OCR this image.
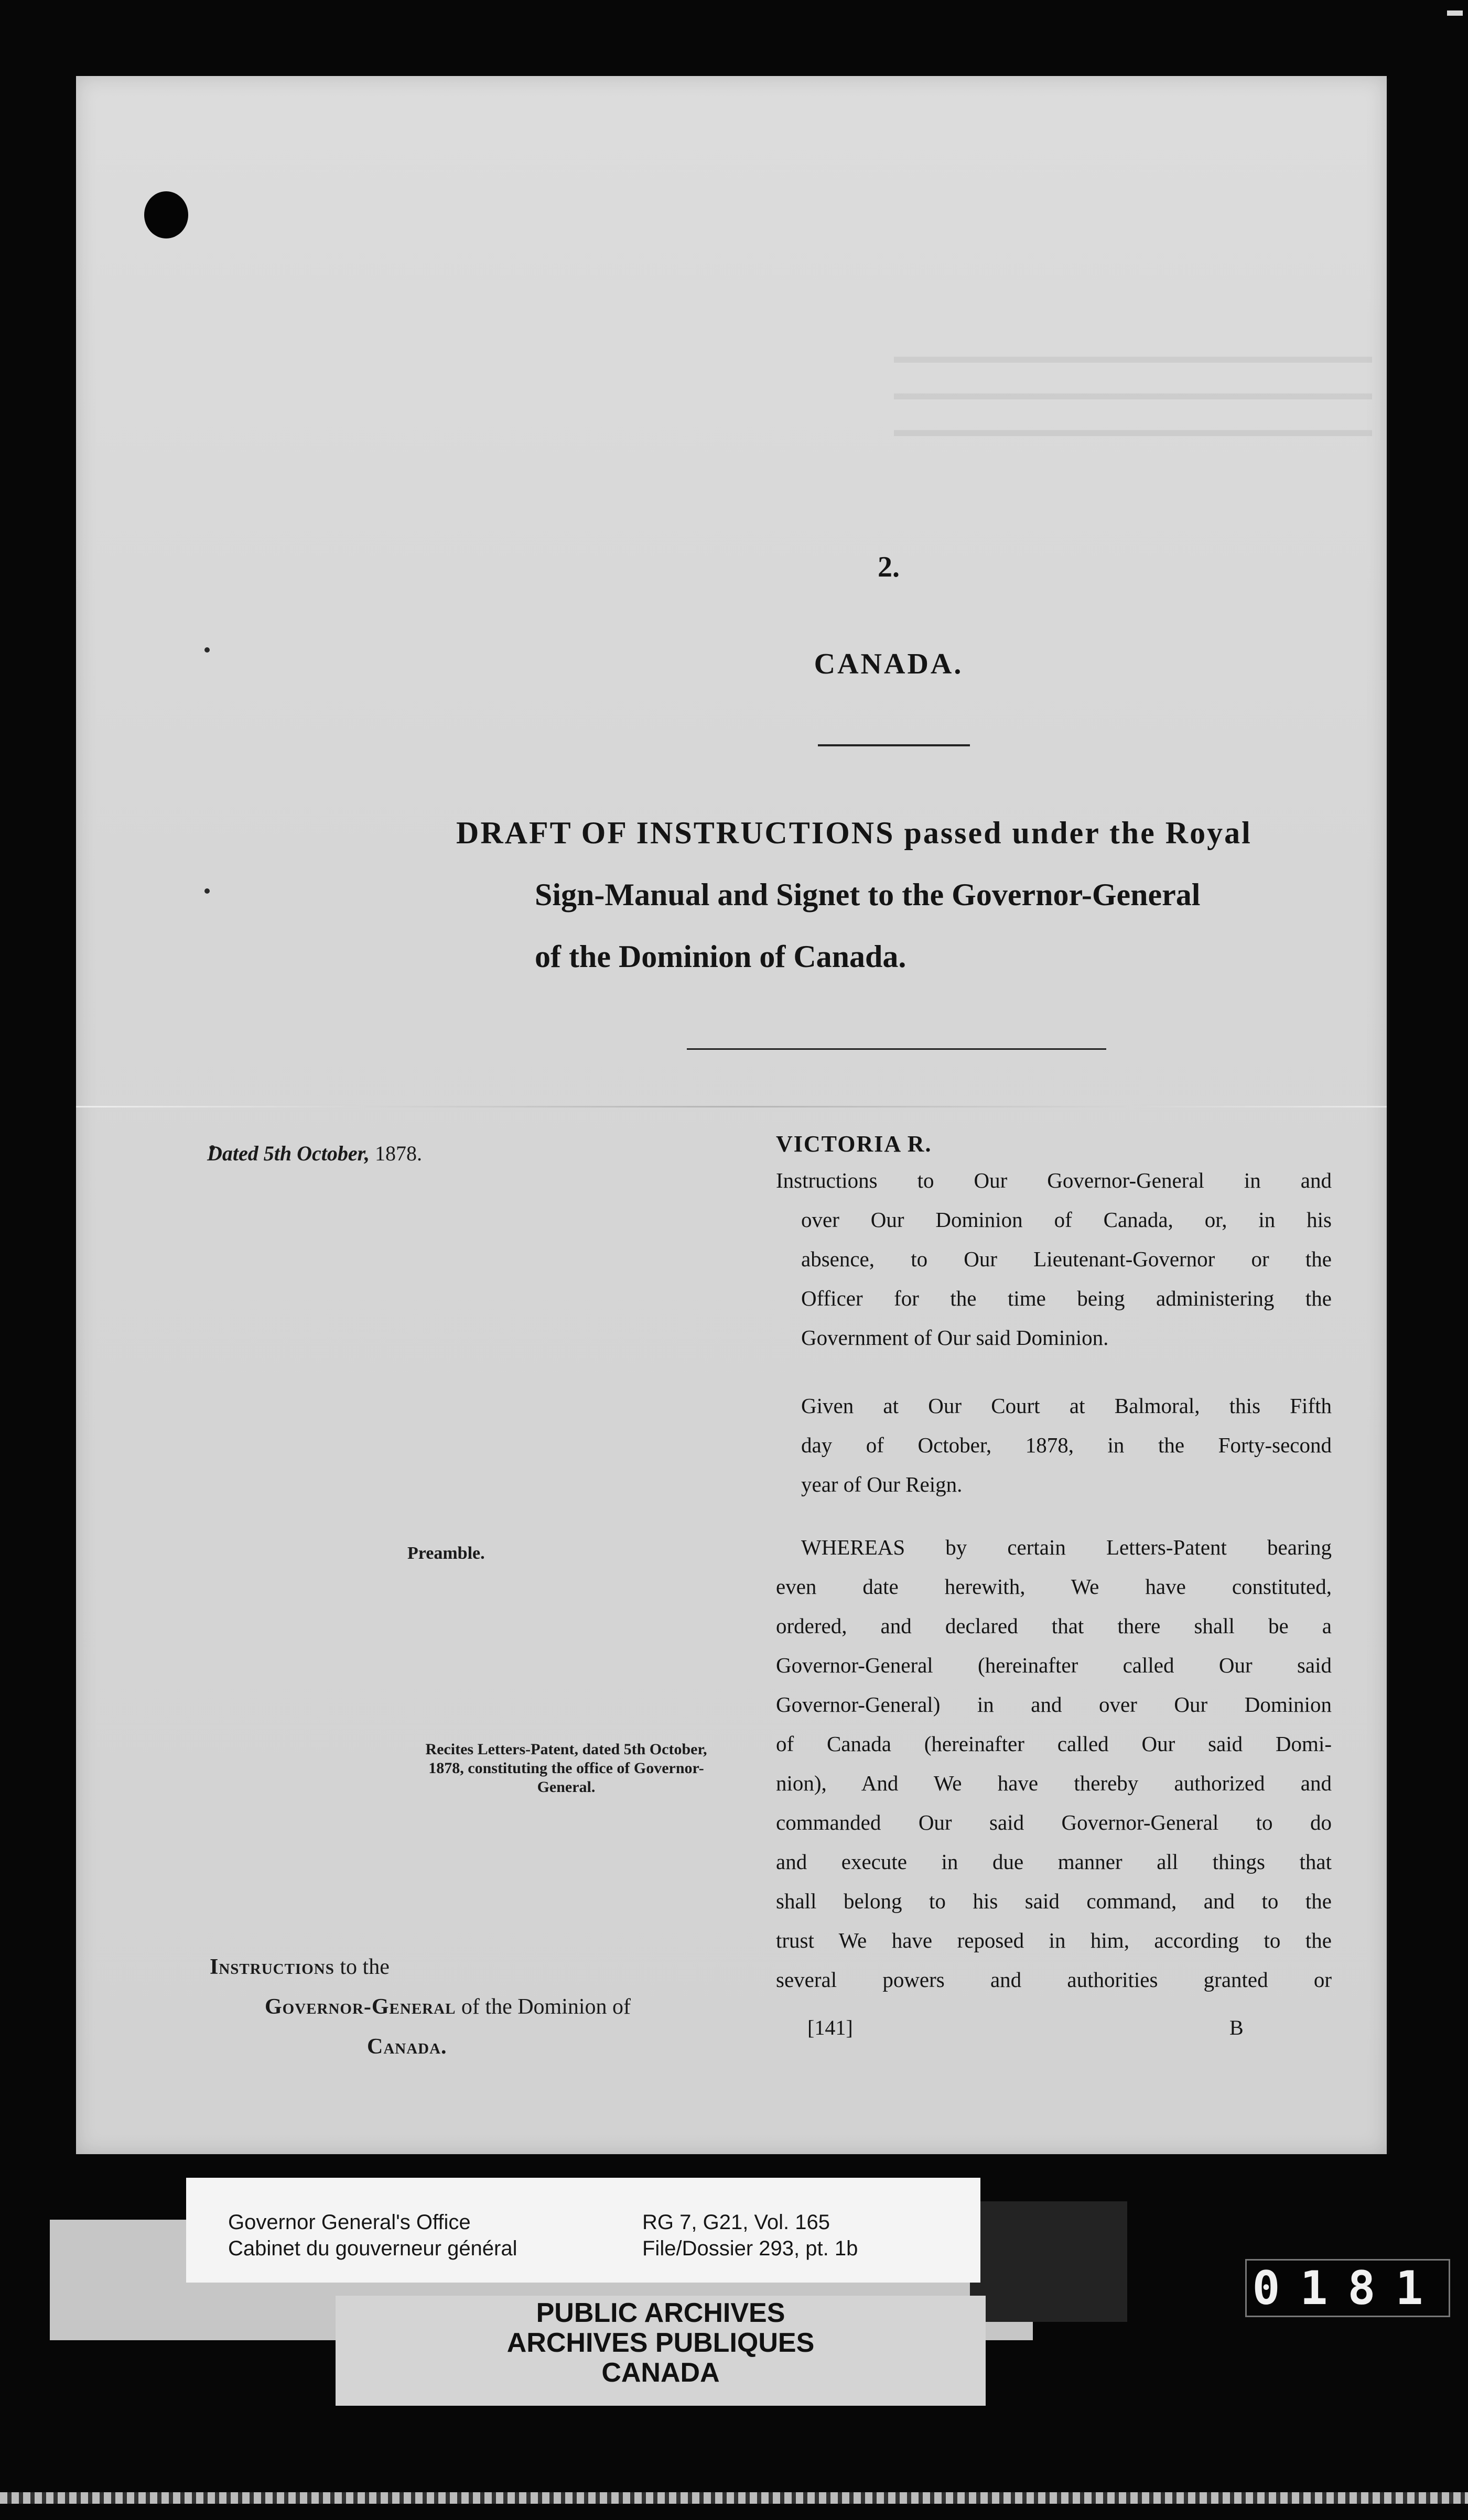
▬▬▬▬▬▬▬▬▬▬▬▬▬▬▬▬▬▬▬▬▬▬▬▬
▬▬▬▬▬▬▬▬▬▬▬▬▬▬▬▬▬▬▬▬▬▬▬▬
▬▬▬▬▬▬▬▬▬▬▬▬▬▬▬▬▬▬▬▬▬▬▬▬
2.
CANADA.
DRAFT OF INSTRUCTIONS passed under the Royal
Sign-Manual and Signet to the Governor-General
of the Dominion of Canada.
Dated 5th October, 1878.
Preamble.
Recites Letters-Patent, dated 5th October, 1878, constituting the office of Governor-General.
Instructions to the
Governor-General of the Dominion of
Canada.
VICTORIA R.
Instructions to Our Governor-General in and
over Our Dominion of Canada, or, in his
absence, to Our Lieutenant-Governor or the
Officer for the time being administering the
Government of Our said Dominion.
Given at Our Court at Balmoral, this Fifth
day of October, 1878, in the Forty-second
year of Our Reign.
WHEREAS by certain Letters-Patent bearing
even date herewith, We have constituted,
ordered, and declared that there shall be a
Governor-General (hereinafter called Our said
Governor-General) in and over Our Dominion
of Canada (hereinafter called Our said Domi-
nion), And We have thereby authorized and
commanded Our said Governor-General to do
and execute in due manner all things that
shall belong to his said command, and to the
trust We have reposed in him, according to the
several powers and authorities granted or
[141]	B
Governor General's Office
Cabinet du gouverneur général
RG 7, G21, Vol. 165
File/Dossier 293, pt. 1b
PUBLIC ARCHIVES
ARCHIVES PUBLIQUES
CANADA
0181
